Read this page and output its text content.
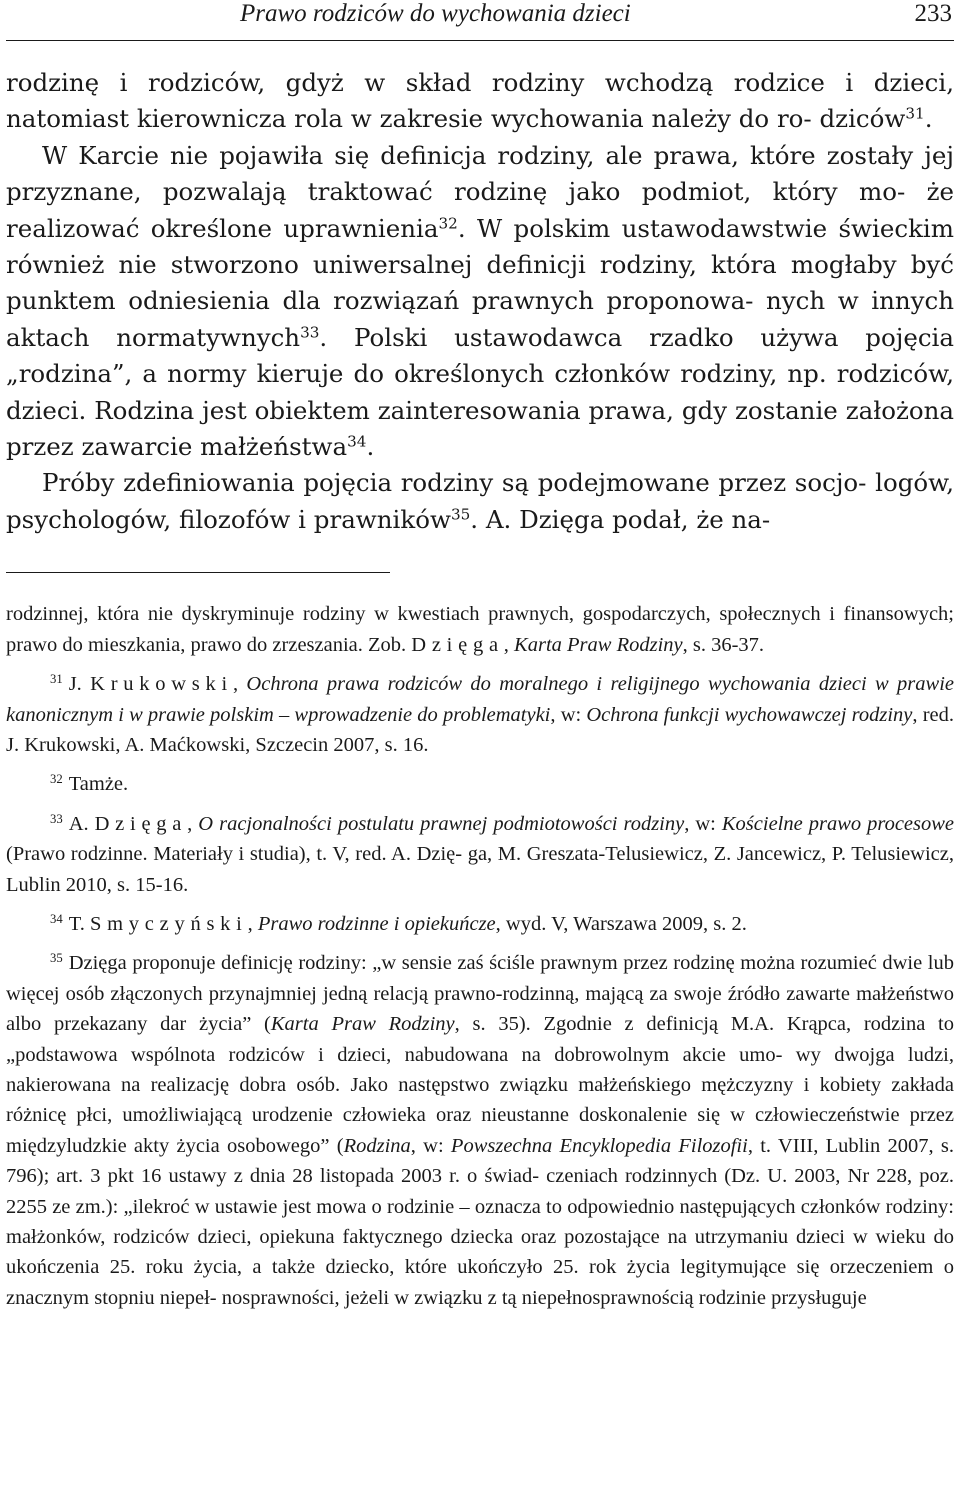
Prawo rodziców do wychowania dzieci	233

rodzinę i rodziców, gdyż w skład rodziny wchodzą rodzice i dzieci, natomiast kierownicza rola w zakresie wychowania należy do ro- dziców$^{31}$.

W Karcie nie pojawiła się definicja rodziny, ale prawa, które zostały jej przyznane, pozwalają traktować rodzinę jako podmiot, który mo- że realizować określone uprawnienia$^{32}$. W polskim ustawodawstwie świeckim również nie stworzono uniwersalnej definicji rodziny, która mogłaby być punktem odniesienia dla rozwiązań prawnych proponowa- nych w innych aktach normatywnych$^{33}$. Polski ustawodawca rzadko używa pojęcia „rodzina”, a normy kieruje do określonych członków rodziny, np. rodziców, dzieci. Rodzina jest obiektem zainteresowania prawa, gdy zostanie założona przez zawarcie małżeństwa$^{34}$.

Próby zdefiniowania pojęcia rodziny są podejmowane przez socjo- logów, psychologów, filozofów i prawników$^{35}$. A. Dzięga podał, że na-

rodzinnej, która nie dyskryminuje rodziny w kwestiach prawnych, gospodarczych, społecznych i finansowych; prawo do mieszkania, prawo do zrzeszania. Zob. Dzięga, Karta Praw Rodziny, s. 36-37.

$^{31}$ J. Krukowski, Ochrona prawa rodziców do moralnego i religijnego wychowania dzieci w prawie kanonicznym i w prawie polskim – wprowadzenie do problematyki, w: Ochrona funkcji wychowawczej rodziny, red. J. Krukowski, A. Maćkowski, Szczecin 2007, s. 16.

$^{32}$ Tamże.

$^{33}$ A. Dzięga, O racjonalności postulatu prawnej podmiotowości rodziny, w: Kościelne prawo procesowe (Prawo rodzinne. Materiały i studia), t. V, red. A. Dzię- ga, M. Greszata-Telusiewicz, Z. Jancewicz, P. Telusiewicz, Lublin 2010, s. 15-16.

$^{34}$ T. Smyczyński, Prawo rodzinne i opiekuńcze, wyd. V, Warszawa 2009, s. 2.

$^{35}$ Dzięga proponuje definicję rodziny: „w sensie zaś ściśle prawnym przez rodzinę można rozumieć dwie lub więcej osób złączonych przynajmniej jedną relacją prawno-rodzinną, mającą za swoje źródło zawarte małżeństwo albo przekazany dar życia” (Karta Praw Rodziny, s. 35). Zgodnie z definicją M.A. Krąpca, rodzina to „podstawowa wspólnota rodziców i dzieci, nabudowana na dobrowolnym akcie umo- wy dwojga ludzi, nakierowana na realizację dobra osób. Jako następstwo związku małżeńskiego mężczyzny i kobiety zakłada różnicę płci, umożliwiającą urodzenie człowieka oraz nieustanne doskonalenie się w człowieczeństwie przez międzyludzkie akty życia osobowego” (Rodzina, w: Powszechna Encyklopedia Filozofii, t. VIII, Lublin 2007, s. 796); art. 3 pkt 16 ustawy z dnia 28 listopada 2003 r. o świad- czeniach rodzinnych (Dz. U. 2003, Nr 228, poz. 2255 ze zm.): „ilekroć w ustawie jest mowa o rodzinie – oznacza to odpowiednio następujących członków rodziny: małżonków, rodziców dzieci, opiekuna faktycznego dziecka oraz pozostające na utrzymaniu dzieci w wieku do ukończenia 25. roku życia, a także dziecko, które ukończyło 25. rok życia legitymujące się orzeczeniem o znacznym stopniu niepeł- nosprawności, jeżeli w związku z tą niepełnosprawnością rodzinie przysługuje
